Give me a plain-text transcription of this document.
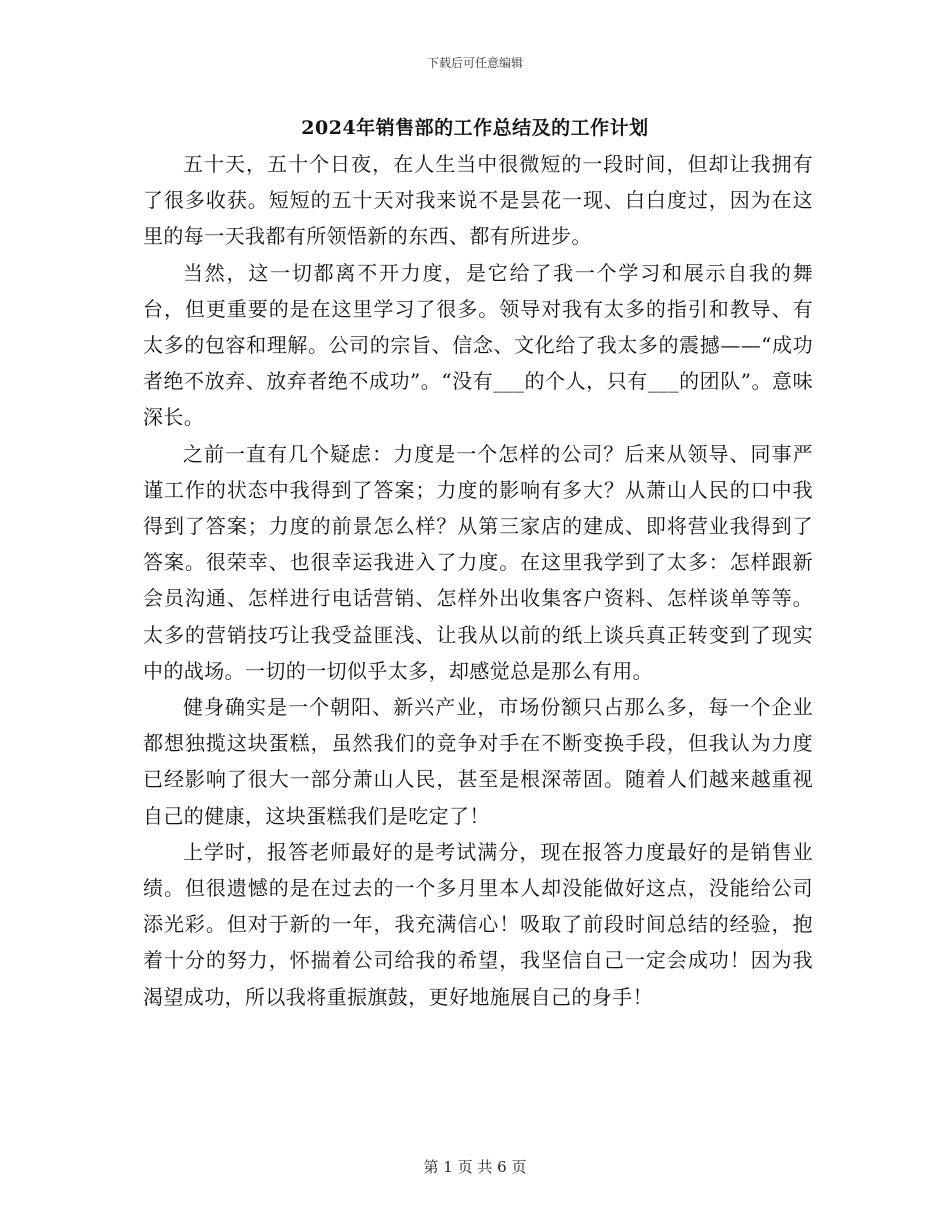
下载后可任意编辑
2024年销售部的工作总结及的工作计划

五十天，五十个日夜，在人生当中很微短的一段时间，但却让我拥有了很多收获。短短的五十天对我来说不是昙花一现、白白度过，因为在这里的每一天我都有所领悟新的东西、都有所进步。

当然，这一切都离不开力度，是它给了我一个学习和展示自我的舞台，但更重要的是在这里学习了很多。领导对我有太多的指引和教导、有太多的包容和理解。公司的宗旨、信念、文化给了我太多的震撼——“成功者绝不放弃、放弃者绝不成功”。“没有___的个人，只有___的团队”。意味深长。

之前一直有几个疑虑：力度是一个怎样的公司？后来从领导、同事严谨工作的状态中我得到了答案；力度的影响有多大？从萧山人民的口中我得到了答案；力度的前景怎么样？从第三家店的建成、即将营业我得到了答案。很荣幸、也很幸运我进入了力度。在这里我学到了太多：怎样跟新会员沟通、怎样进行电话营销、怎样外出收集客户资料、怎样谈单等等。太多的营销技巧让我受益匪浅、让我从以前的纸上谈兵真正转变到了现实中的战场。一切的一切似乎太多，却感觉总是那么有用。

健身确实是一个朝阳、新兴产业，市场份额只占那么多，每一个企业都想独揽这块蛋糕，虽然我们的竞争对手在不断变换手段，但我认为力度已经影响了很大一部分萧山人民，甚至是根深蒂固。随着人们越来越重视自己的健康，这块蛋糕我们是吃定了！

上学时，报答老师最好的是考试满分，现在报答力度最好的是销售业绩。但很遗憾的是在过去的一个多月里本人却没能做好这点，没能给公司添光彩。但对于新的一年，我充满信心！吸取了前段时间总结的经验，抱着十分的努力，怀揣着公司给我的希望，我坚信自己一定会成功！因为我渴望成功，所以我将重振旗鼓，更好地施展自己的身手！

第 1 页 共 6 页
